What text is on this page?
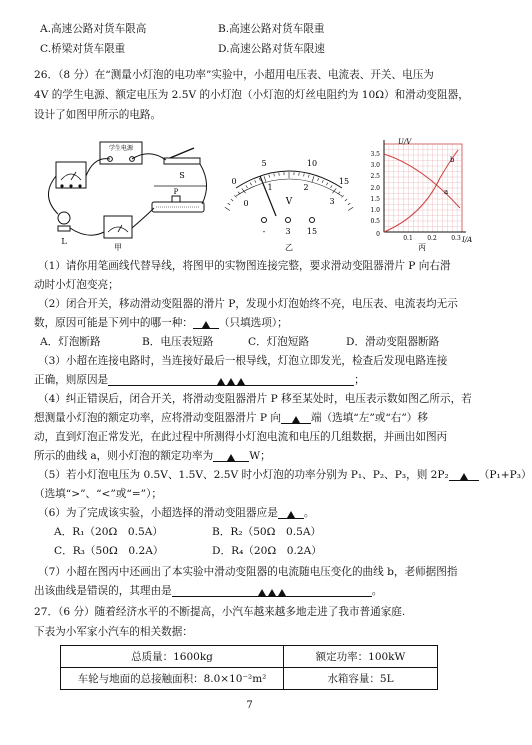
A.高速公路对货车限高	B.高速公路对货车限重
C.桥梁对货车限重	D.高速公路对货车限速
26．（8 分）在“测量小灯泡的电功率”实验中，小超用电压表、电流表、开关、电压为
4V 的学生电源、额定电压为 2.5V 的小灯泡（小灯泡的灯丝电阻约为 10Ω）和滑动变阻器，
设计了如图甲所示的电路。
学生电源
S
P
L
甲
0
5	10
15
0
1	2
3
V
-	3 15
乙
U/V
I/A
3.5
3.0
2.5
2.0
1.5
1.0
0.5
0
0.1 0.2 0.3
a
b
丙
（1）请你用笔画线代替导线，将图甲的实物图连接完整，要求滑动变阻器滑片 P 向右滑
动时小灯泡变亮；
（2）闭合开关，移动滑动变阻器的滑片 P，发现小灯泡始终不亮，电压表、电流表均无示
数，原因可能是下列中的哪一种： （只填选项）；
A．灯泡断路	B．电压表短路	C．灯泡短路	D．滑动变阻器断路
（3）小超在连接电路时，当连接好最后一根导线，灯泡立即发光，检查后发现电路连接
正确，则原因是	；
（4）纠正错误后，闭合开关，将滑动变阻器滑片 P 移至某处时，电压表示数如图乙所示，若
想测量小灯泡的额定功率，应将滑动变阻器滑片 P 向	端（选填“左”或“右”）移
动，直到灯泡正常发光，在此过程中所测得小灯泡电流和电压的几组数据，并画出如图丙
所示的曲线 a，则小灯泡的额定功率为	W；
（5）若小灯泡电压为 0.5V、1.5V、2.5V 时小灯泡的功率分别为 P₁、P₂、P₃，则 2P₂	（P₁+P₃）
（选填“>”、“<”或“=”）；
（6）为了完成该实验，小超选择的滑动变阻器应是 。
A．R₁（20Ω　0.5A）	B．R₂（50Ω　0.5A）
C．R₃（50Ω　0.2A）	D．R₄（20Ω　0.2A）
（7）小超在图丙中还画出了本实验中滑动变阻器的电流随电压变化的曲线 b，老师据图指
出该曲线是错误的，其理由是	。
27．（6 分）随着经济水平的不断提高，小汽车越来越多地走进了我市普通家庭.
下表为小军家小汽车的相关数据：
总质量：1600kg	额定功率：100kW
车轮与地面的总接触面积：8.0×10⁻²m²	水箱容量：5L
7
